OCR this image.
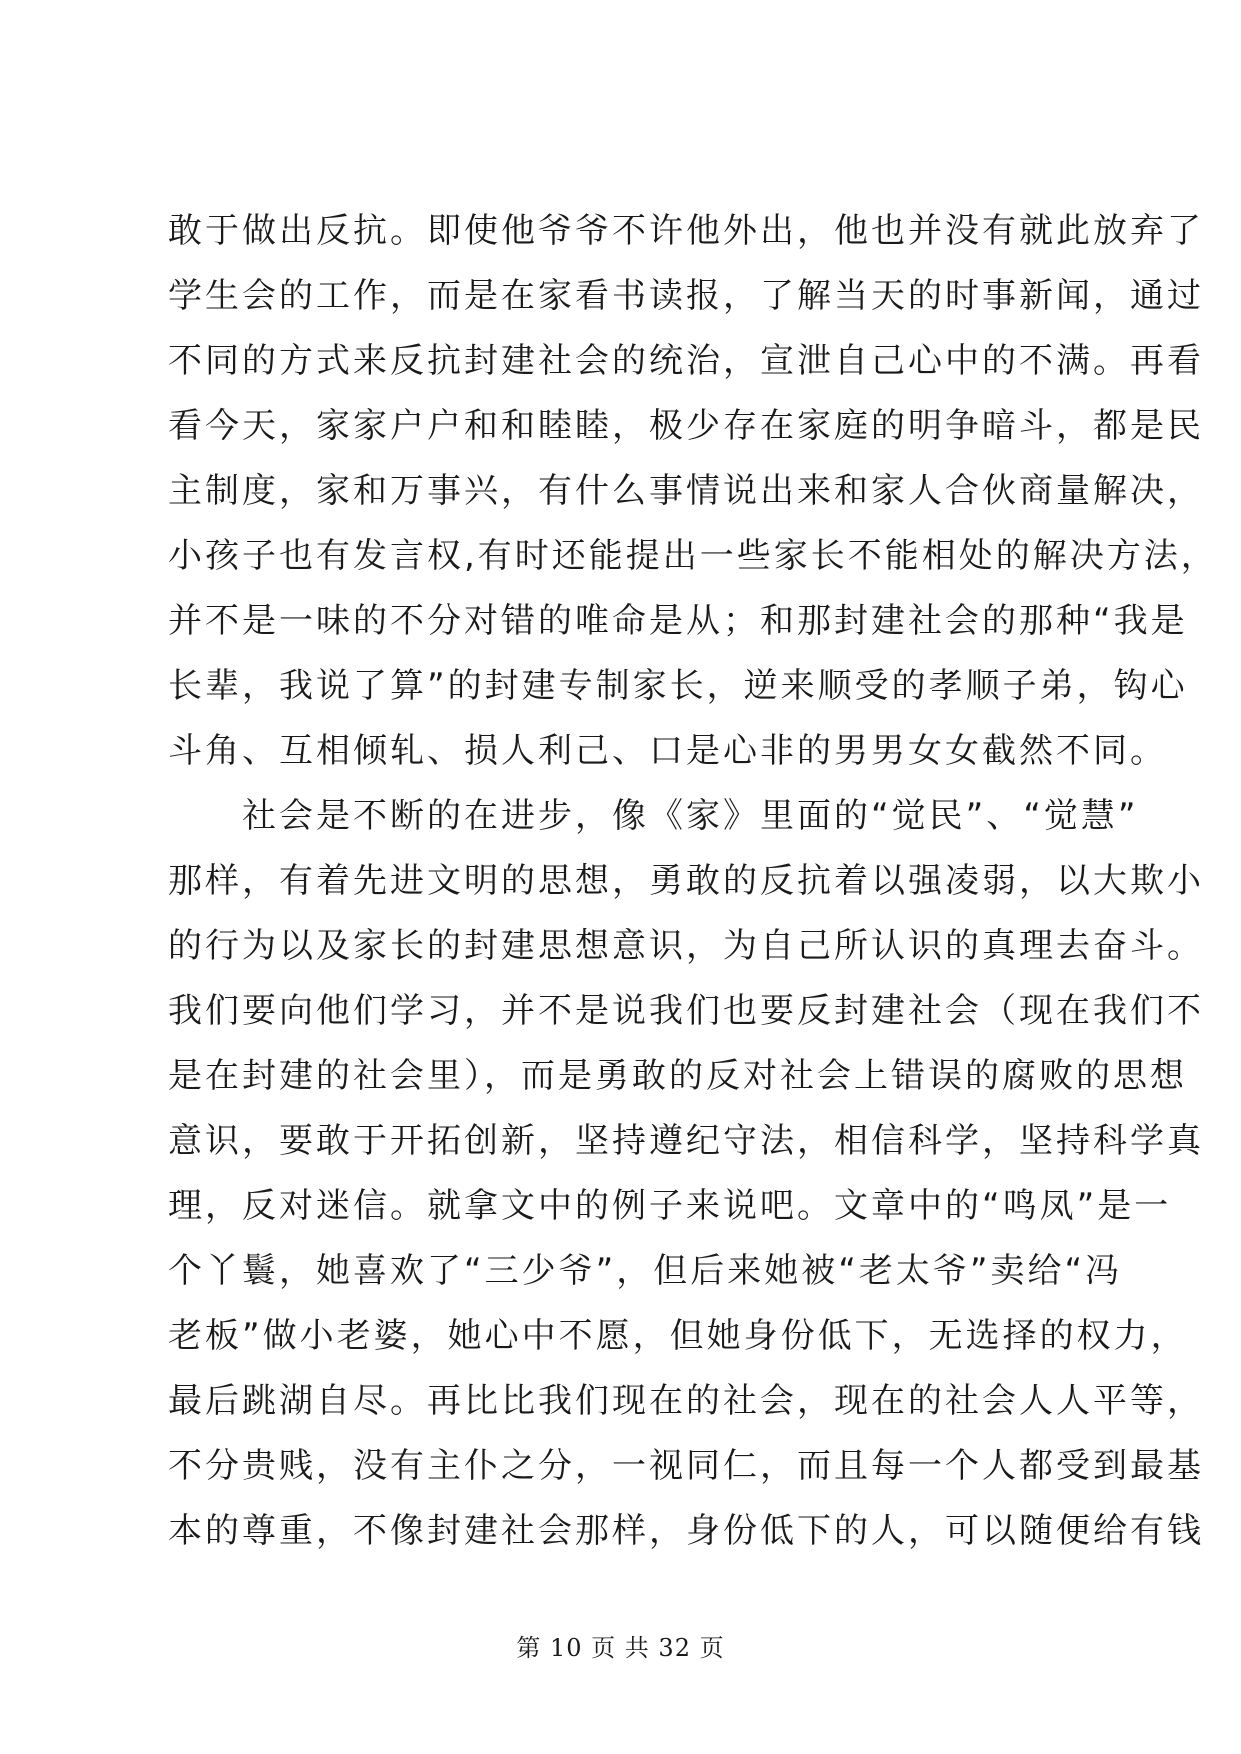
敢于做出反抗。即使他爷爷不许他外出，他也并没有就此放弃了
学生会的工作，而是在家看书读报，了解当天的时事新闻，通过
不同的方式来反抗封建社会的统治，宣泄自己心中的不满。再看
看今天，家家户户和和睦睦，极少存在家庭的明争暗斗，都是民
主制度，家和万事兴，有什么事情说出来和家人合伙商量解决，
小孩子也有发言权,有时还能提出一些家长不能相处的解决方法，
并不是一味的不分对错的唯命是从；和那封建社会的那种“我是
长辈，我说了算”的封建专制家长，逆来顺受的孝顺子弟，钩心
斗角、互相倾轧、损人利己、口是心非的男男女女截然不同。
　　社会是不断的在进步，像《家》里面的“觉民”、“觉慧”
那样，有着先进文明的思想，勇敢的反抗着以强凌弱，以大欺小
的行为以及家长的封建思想意识，为自己所认识的真理去奋斗。
我们要向他们学习，并不是说我们也要反封建社会（现在我们不
是在封建的社会里），而是勇敢的反对社会上错误的腐败的思想
意识，要敢于开拓创新，坚持遵纪守法，相信科学，坚持科学真
理，反对迷信。就拿文中的例子来说吧。文章中的“鸣凤”是一
个丫鬟，她喜欢了“三少爷”，但后来她被“老太爷”卖给“冯
老板”做小老婆，她心中不愿，但她身份低下，无选择的权力，
最后跳湖自尽。再比比我们现在的社会，现在的社会人人平等，
不分贵贱，没有主仆之分，一视同仁，而且每一个人都受到最基
本的尊重，不像封建社会那样，身份低下的人，可以随便给有钱
第 10 页 共 32 页
